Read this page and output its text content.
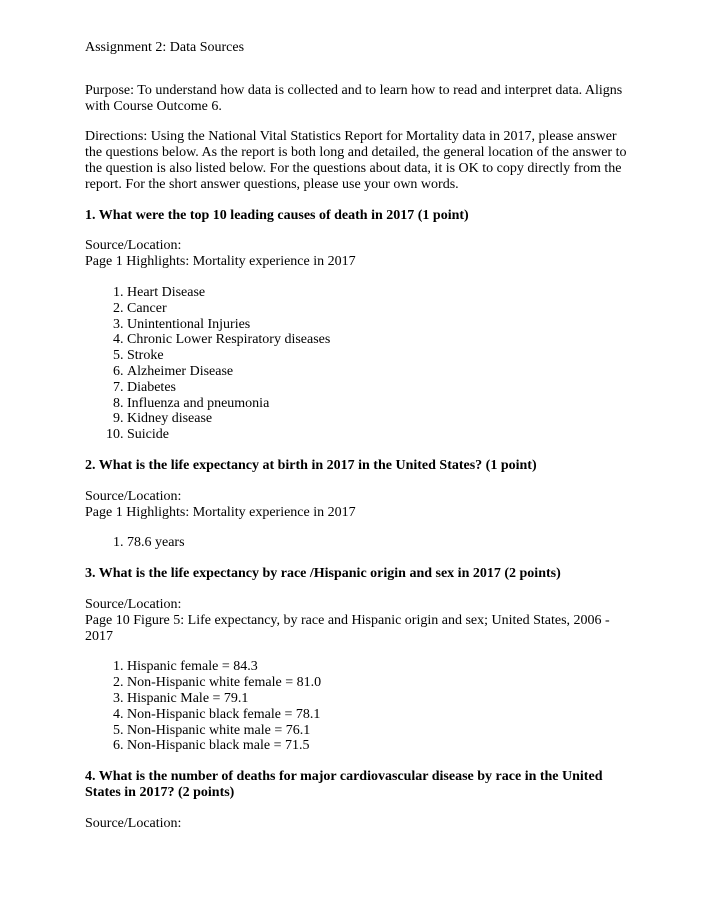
Assignment 2: Data Sources

Purpose: To understand how data is collected and to learn how to read and interpret data. Aligns with Course Outcome 6.

Directions: Using the National Vital Statistics Report for Mortality data in 2017, please answer the questions below. As the report is both long and detailed, the general location of the answer to the question is also listed below. For the questions about data, it is OK to copy directly from the report. For the short answer questions, please use your own words.

1. What were the top 10 leading causes of death in 2017 (1 point)

Source/Location:

Page 1 Highlights: Mortality experience in 2017

1. Heart Disease
2. Cancer
3. Unintentional Injuries
4. Chronic Lower Respiratory diseases
5. Stroke
6. Alzheimer Disease
7. Diabetes
8. Influenza and pneumonia
9. Kidney disease
10. Suicide

2. What is the life expectancy at birth in 2017 in the United States? (1 point)

Source/Location:

Page 1 Highlights: Mortality experience in 2017

1. 78.6 years

3. What is the life expectancy by race /Hispanic origin and sex in 2017 (2 points)

Source/Location:

Page 10 Figure 5: Life expectancy, by race and Hispanic origin and sex; United States, 2006 - 2017

1. Hispanic female = 84.3
2. Non-Hispanic white female = 81.0
3. Hispanic Male = 79.1
4. Non-Hispanic black female = 78.1
5. Non-Hispanic white male = 76.1
6. Non-Hispanic black male = 71.5

4. What is the number of deaths for major cardiovascular disease by race in the United States in 2017? (2 points)

Source/Location:
